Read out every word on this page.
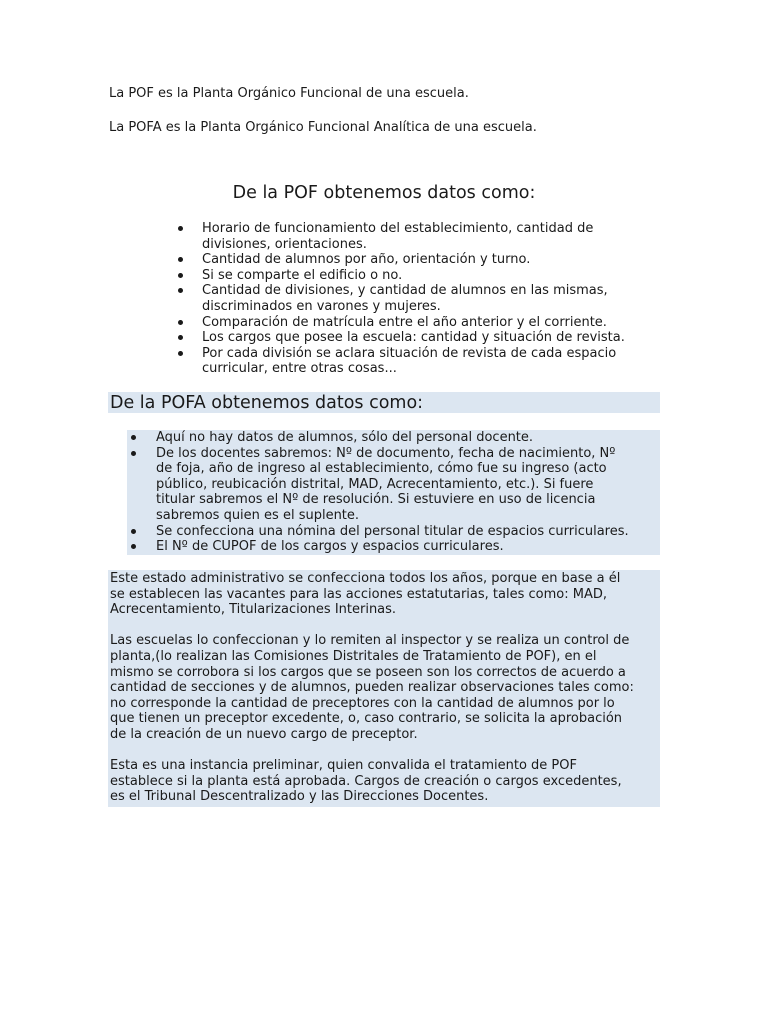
La POF es la Planta Orgánico Funcional de una escuela.

La POFA es la Planta Orgánico Funcional Analítica de una escuela.

De la POF obtenemos datos como:
Horario de funcionamiento del establecimiento, cantidad de
divisiones, orientaciones.
Cantidad de alumnos por año, orientación y turno.
Si se comparte el edificio o no.
Cantidad de divisiones, y cantidad de alumnos en las mismas,
discriminados en varones y mujeres.
Comparación de matrícula entre el año anterior y el corriente.
Los cargos que posee la escuela: cantidad y situación de revista.
Por cada división se aclara situación de revista de cada espacio
curricular, entre otras cosas...
De la POFA obtenemos datos como:
Aquí no hay datos de alumnos, sólo del personal docente.
De los docentes sabremos: Nº de documento, fecha de nacimiento, Nº
de foja, año de ingreso al establecimiento, cómo fue su ingreso (acto
público, reubicación distrital, MAD, Acrecentamiento, etc.). Si fuere
titular sabremos el Nº de resolución. Si estuviere en uso de licencia
sabremos quien es el suplente.
Se confecciona una nómina del personal titular de espacios curriculares.
El Nº de CUPOF de los cargos y espacios curriculares.

Este estado administrativo se confecciona todos los años, porque en base a él
se establecen las vacantes para las acciones estatutarias, tales como: MAD,
Acrecentamiento, Titularizaciones Interinas.

Las escuelas lo confeccionan y lo remiten al inspector y se realiza un control de
planta,(lo realizan las Comisiones Distritales de Tratamiento de POF), en el
mismo se corrobora si los cargos que se poseen son los correctos de acuerdo a
cantidad de secciones y de alumnos, pueden realizar observaciones tales como:
no corresponde la cantidad de preceptores con la cantidad de alumnos por lo
que tienen un preceptor excedente, o, caso contrario, se solicita la aprobación
de la creación de un nuevo cargo de preceptor.

Esta es una instancia preliminar, quien convalida el tratamiento de POF
establece si la planta está aprobada. Cargos de creación o cargos excedentes,
es el Tribunal Descentralizado y las Direcciones Docentes.
